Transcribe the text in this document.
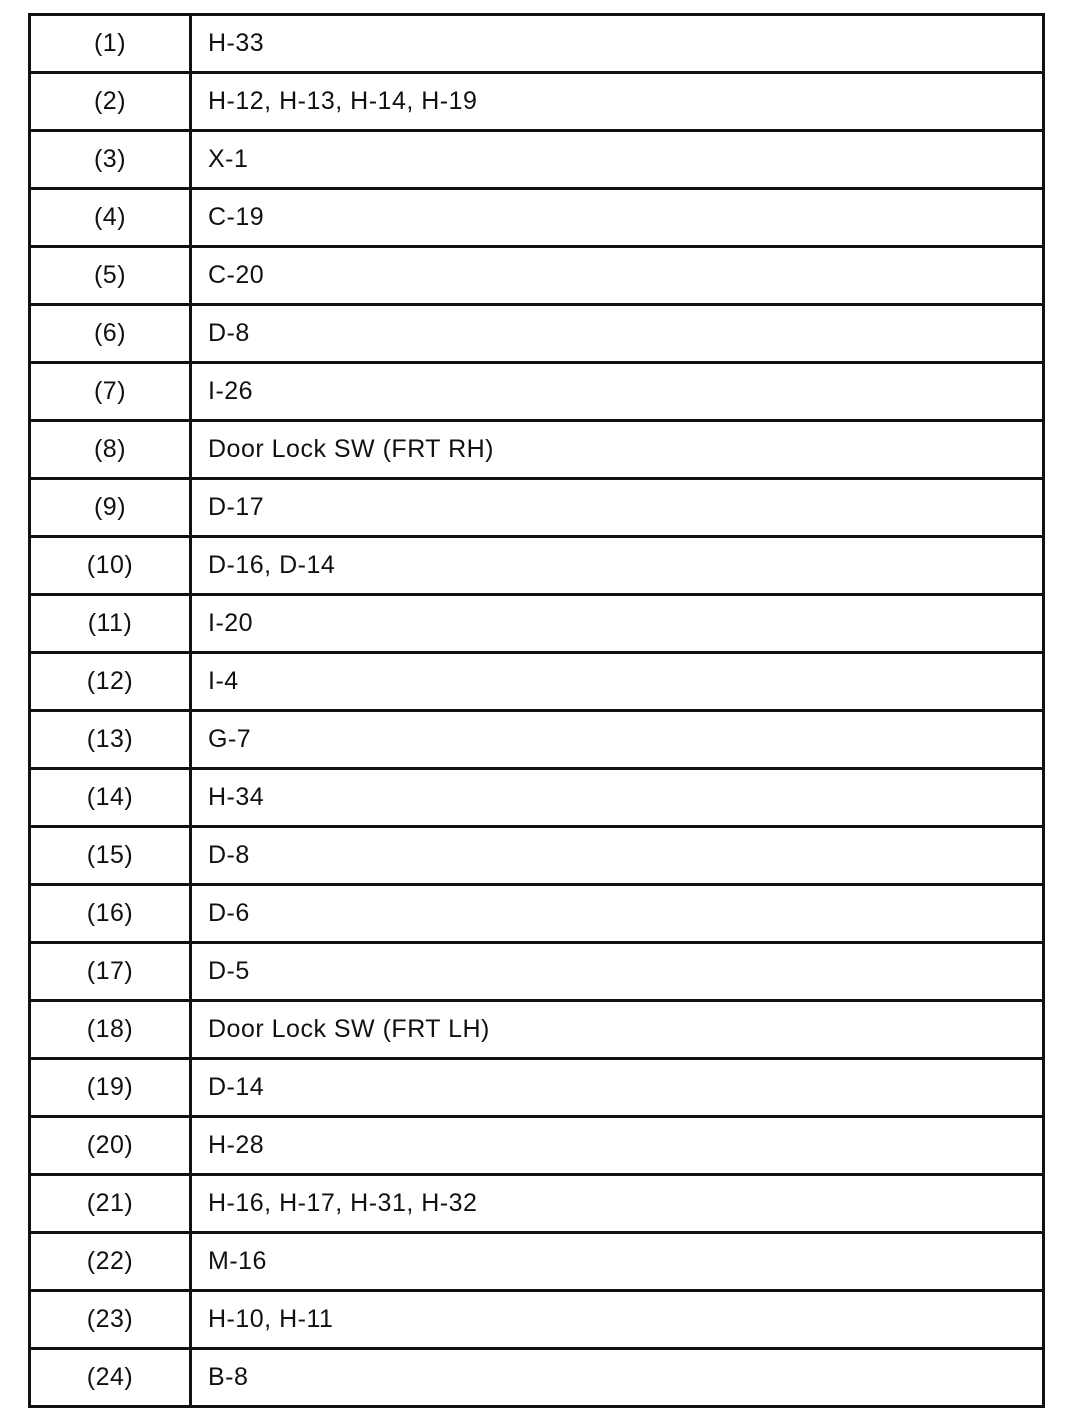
(1)	H-33
(2)	H-12, H-13, H-14, H-19
(3)	X-1
(4)	C-19
(5)	C-20
(6)	D-8
(7)	I-26
(8)	Door Lock SW (FRT RH)
(9)	D-17
(10)	D-16, D-14
(11)	I-20
(12)	I-4
(13)	G-7
(14)	H-34
(15)	D-8
(16)	D-6
(17)	D-5
(18)	Door Lock SW (FRT LH)
(19)	D-14
(20)	H-28
(21)	H-16, H-17, H-31, H-32
(22)	M-16
(23)	H-10, H-11
(24)	B-8
